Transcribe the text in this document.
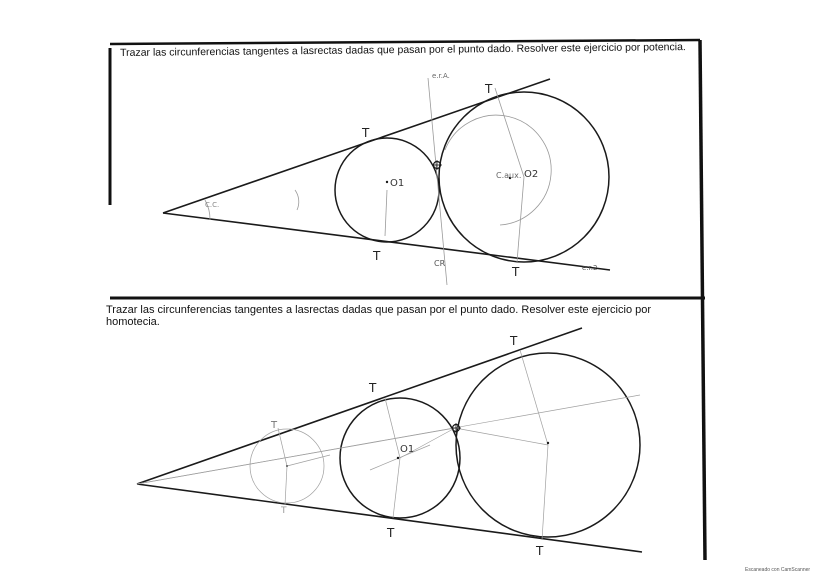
T
T
T
T
O1
C.aux. O2
e.r.A.
CR	e.r.2
C.C.
T
T
T
T
T
T
O1
Trazar las circunferencias tangentes a lasrectas dadas que pasan por el punto dado. Resolver este ejercicio por potencia.
Trazar las circunferencias tangentes a lasrectas dadas que pasan por el punto dado. Resolver este ejercicio por homotecia.
Escaneado con CamScanner
